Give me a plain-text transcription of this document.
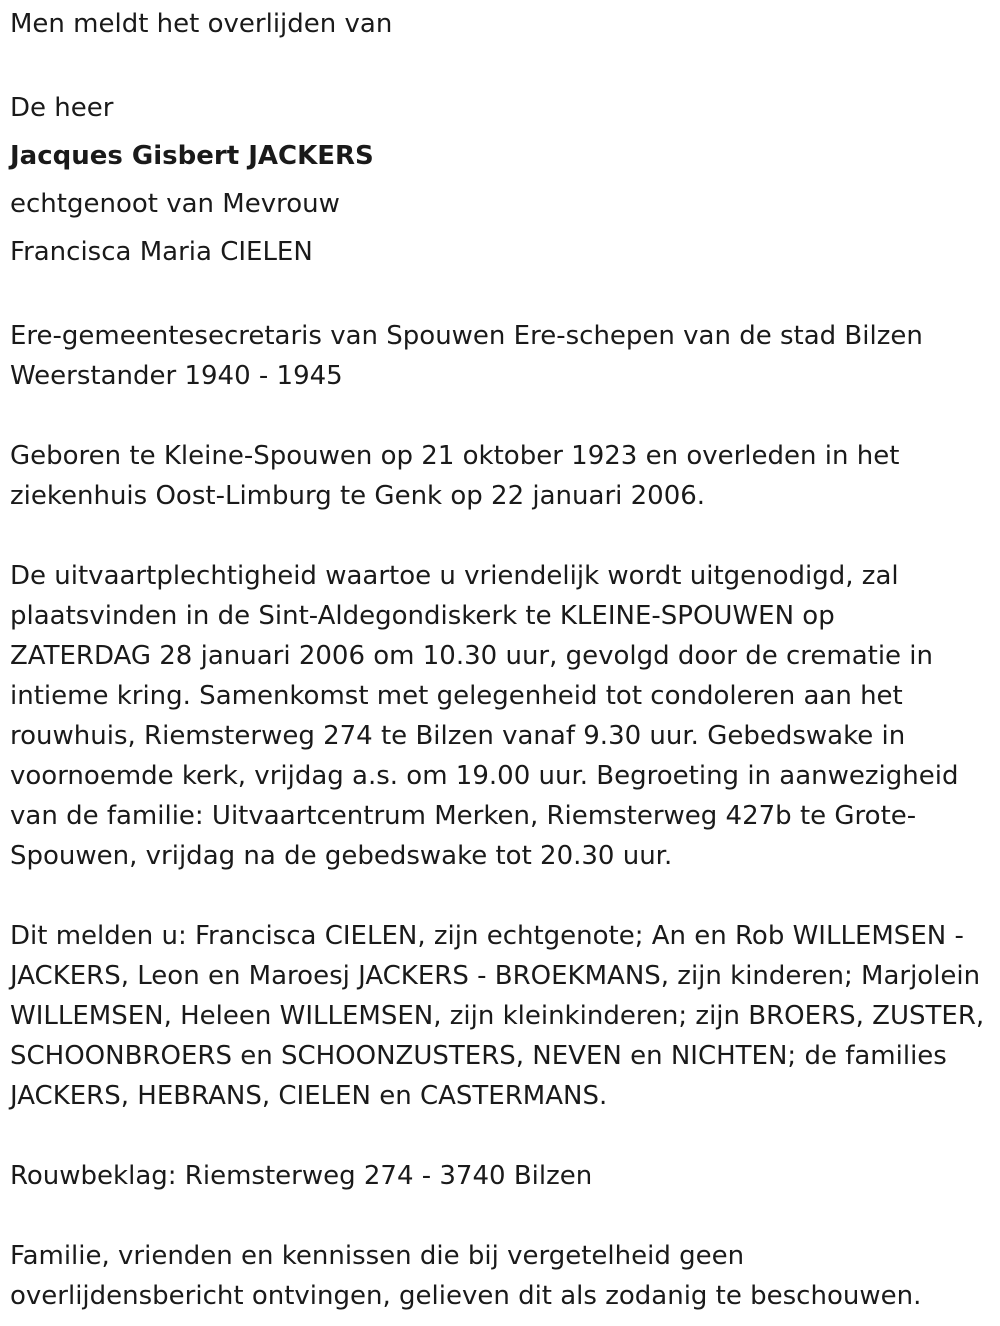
Men meldt het overlijden van

De heer

Jacques Gisbert JACKERS

echtgenoot van Mevrouw

Francisca Maria CIELEN

Ere-gemeentesecretaris van Spouwen Ere-schepen van de stad Bilzen

Weerstander 1940 - 1945

Geboren te Kleine-Spouwen op 21 oktober 1923 en overleden in het

ziekenhuis Oost-Limburg te Genk op 22 januari 2006.

De uitvaartplechtigheid waartoe u vriendelijk wordt uitgenodigd, zal

plaatsvinden in de Sint-Aldegondiskerk te KLEINE-SPOUWEN op

ZATERDAG 28 januari 2006 om 10.30 uur, gevolgd door de crematie in

intieme kring. Samenkomst met gelegenheid tot condoleren aan het

rouwhuis, Riemsterweg 274 te Bilzen vanaf 9.30 uur. Gebedswake in

voornoemde kerk, vrijdag a.s. om 19.00 uur. Begroeting in aanwezigheid

van de familie: Uitvaartcentrum Merken, Riemsterweg 427b te Grote-

Spouwen, vrijdag na de gebedswake tot 20.30 uur.

Dit melden u: Francisca CIELEN, zijn echtgenote; An en Rob WILLEMSEN -

JACKERS, Leon en Maroesj JACKERS - BROEKMANS, zijn kinderen; Marjolein

WILLEMSEN, Heleen WILLEMSEN, zijn kleinkinderen; zijn BROERS, ZUSTER,

SCHOONBROERS en SCHOONZUSTERS, NEVEN en NICHTEN; de families

JACKERS, HEBRANS, CIELEN en CASTERMANS.

Rouwbeklag: Riemsterweg 274 - 3740 Bilzen

Familie, vrienden en kennissen die bij vergetelheid geen

overlijdensbericht ontvingen, gelieven dit als zodanig te beschouwen.
